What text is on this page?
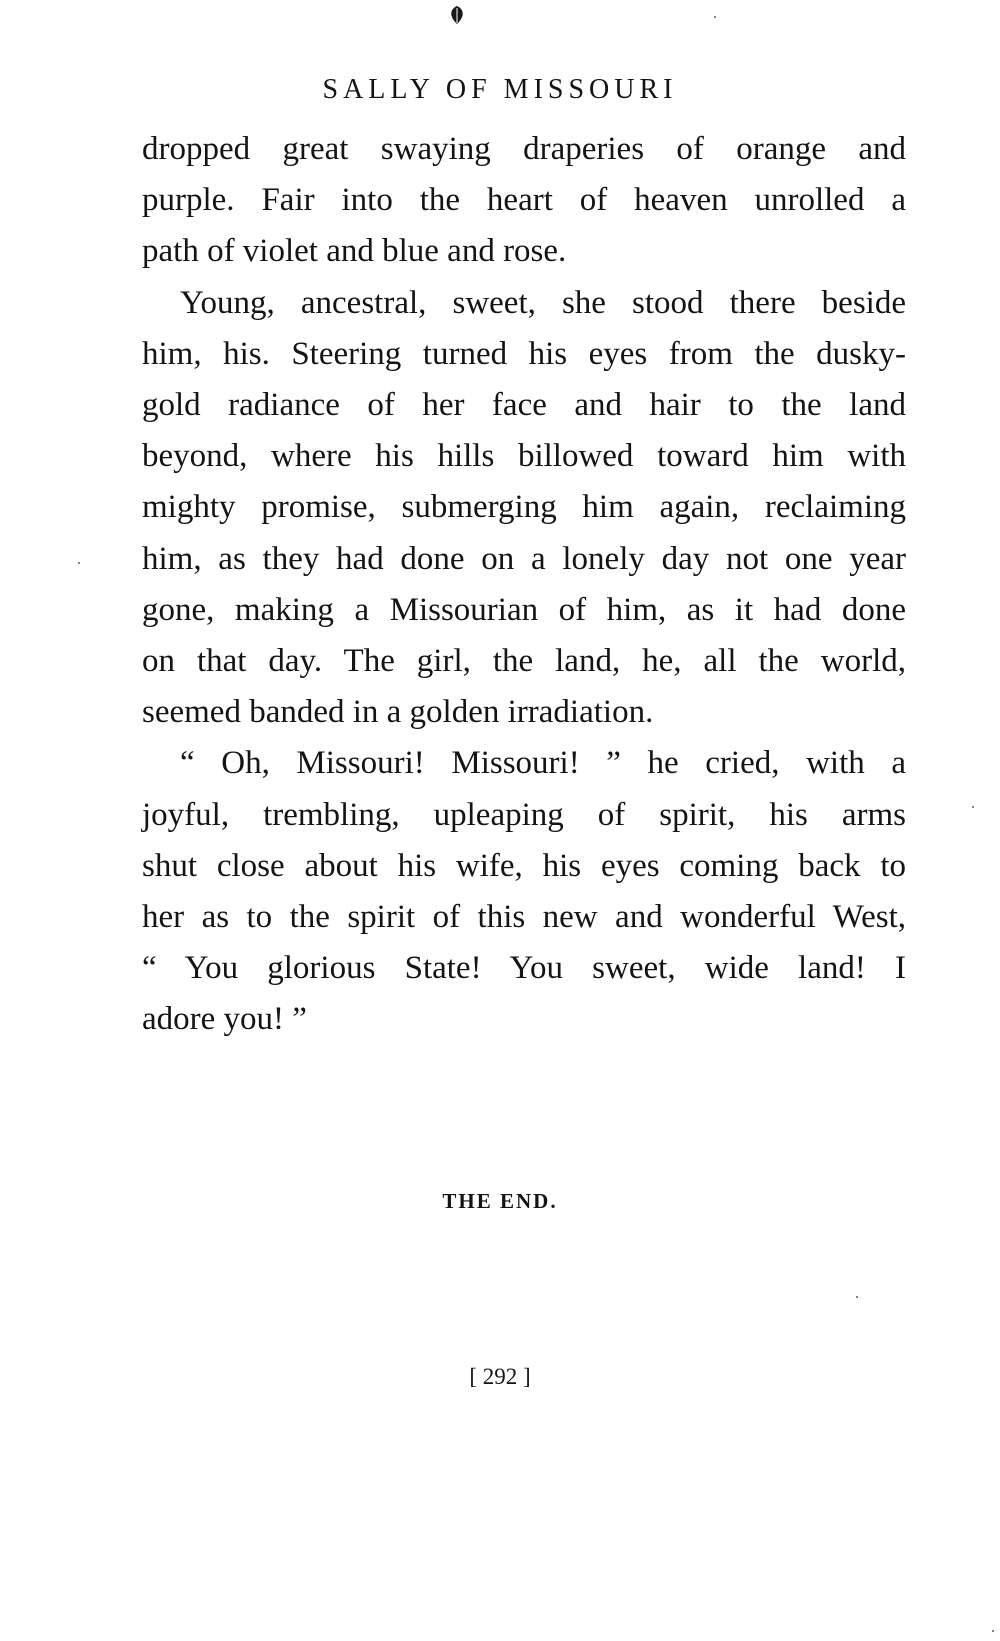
SALLY OF MISSOURI

dropped great swaying draperies of orange and
purple. Fair into the heart of heaven unrolled a
path of violet and blue and rose.

Young, ancestral, sweet, she stood there beside
him, his. Steering turned his eyes from the dusky-
gold radiance of her face and hair to the land
beyond, where his hills billowed toward him with
mighty promise, submerging him again, reclaiming
him, as they had done on a lonely day not one year
gone, making a Missourian of him, as it had done
on that day. The girl, the land, he, all the world,
seemed banded in a golden irradiation.

“ Oh, Missouri! Missouri! ” he cried, with a
joyful, trembling, upleaping of spirit, his arms
shut close about his wife, his eyes coming back to
her as to the spirit of this new and wonderful West,
“ You glorious State! You sweet, wide land! I
adore you! ”

THE END.
[ 292 ]
